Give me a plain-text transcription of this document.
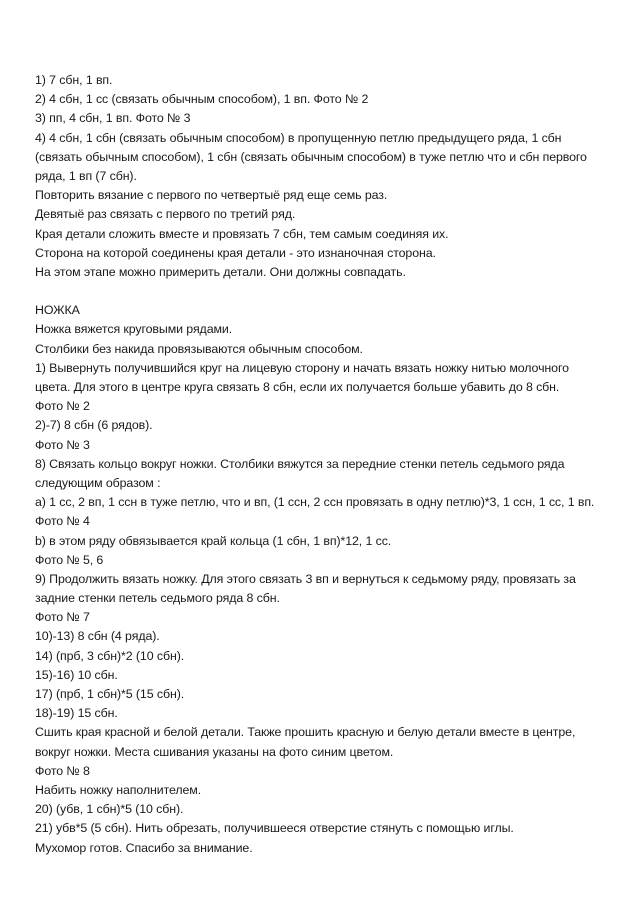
1) 7 сбн, 1 вп.
2) 4 сбн, 1 сс (связать обычным способом), 1 вп. Фото № 2
3) пп, 4 сбн, 1 вп. Фото № 3
4) 4 сбн, 1 сбн (связать обычным способом) в пропущенную петлю предыдущего ряда, 1 сбн
(связать обычным способом), 1 сбн (связать обычным способом) в туже петлю что и сбн первого
ряда, 1 вп (7 сбн).
Повторить вязание с первого по четвертыё ряд еще семь раз.
Девятыё раз связать с первого по третий ряд.
Края детали сложить вместе и провязать 7 сбн, тем самым соединяя их.
Сторона на которой соединены края детали - это изнаночная сторона.
На этом этапе можно примерить детали. Они должны совпадать.
НОЖКА
Ножка вяжется круговыми рядами.
Столбики без накида провязываются обычным способом.
1) Вывернуть получившийся круг на лицевую сторону и начать вязать ножку нитью молочного
цвета. Для этого в центре круга связать 8 сбн, если их получается больше убавить до 8 сбн.
Фото № 2
2)-7) 8 сбн (6 рядов).
Фото № 3
8) Связать кольцо вокруг ножки. Столбики вяжутся за передние стенки петель седьмого ряда
следующим образом :
a) 1 сс, 2 вп, 1 ссн в туже петлю, что и вп, (1 ссн, 2 ссн провязать в одну петлю)*3, 1 ссн, 1 сс, 1 вп.
Фото № 4
b) в этом ряду обвязывается край кольца (1 сбн, 1 вп)*12, 1 сс.
Фото № 5, 6
9) Продолжить вязать ножку. Для этого связать 3 вп и вернуться к седьмому ряду, провязать за
задние стенки петель седьмого ряда 8 сбн.
Фото № 7
10)-13) 8 сбн (4 ряда).
14) (прб, 3 сбн)*2 (10 сбн).
15)-16) 10 сбн.
17) (прб, 1 сбн)*5 (15 сбн).
18)-19) 15 сбн.
Сшить края красной и белой детали. Также прошить красную и белую детали вместе в центре,
вокруг ножки. Места сшивания указаны на фото синим цветом.
Фото № 8
Набить ножку наполнителем.
20) (убв, 1 сбн)*5 (10 сбн).
21) убв*5 (5 сбн). Нить обрезать, получившееся отверстие стянуть с помощью иглы.
Мухомор готов. Спасибо за внимание.
